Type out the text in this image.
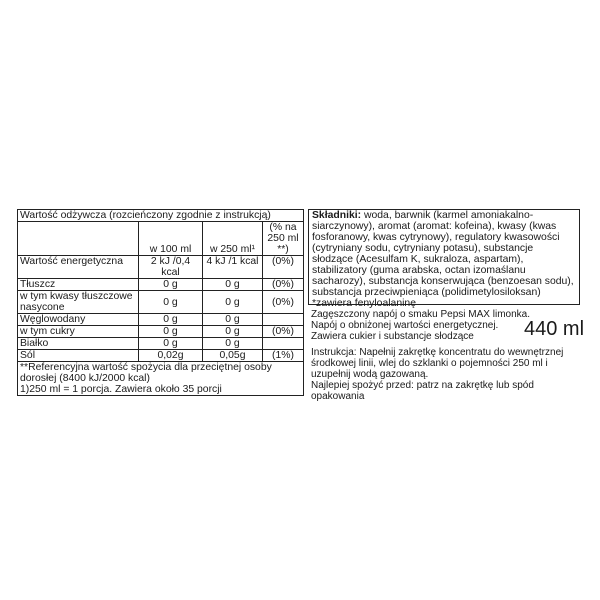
Wartość odżywcza (rozcieńczony zgodnie z instrukcją)			
	w 100 ml	w 250 ml¹	(% na 250 ml **)
Wartość energetyczna	2 kJ /0,4 kcal	4 kJ /1 kcal	(0%)
Tłuszcz	0 g	0 g	(0%)
w tym kwasy tłuszczowe nasycone	0 g	0 g	(0%)
Węglowodany	0 g	0 g	
w tym cukry	0 g	0 g	(0%)
Białko	0 g	0 g	
Sól	0,02g	0,05g	(1%)

**Referencyjna wartość spożycia dla przeciętnej osoby dorosłej (8400 kJ/2000 kcal)
1)250 ml = 1 porcja. Zawiera około 35 porcji			
Składniki: woda, barwnik (karmel amoniakalno-siarczynowy), aromat (aromat: kofeina), kwasy (kwas fosforanowy, kwas cytrynowy), regulatory kwasowości (cytryniany sodu, cytryniany potasu), substancje słodzące (Acesulfam K, sukraloza, aspartam), stabilizatory (guma arabska, octan izomaślanu sacharozy), substancja konserwująca (benzoesan sodu), substancja przeciwpieniąca (polidimetylosiloksan)
*zawiera fenyloalaninę
Zagęszczony napój o smaku Pepsi MAX limonka.
Napój o obniżonej wartości energetycznej.
Zawiera cukier i substancje słodzące	440 ml
Instrukcja: Napełnij zakrętkę koncentratu do wewnętrznej środkowej linii, wlej do szklanki o pojemności 250 ml i uzupełnij wodą gazowaną.
Najlepiej spożyć przed: patrz na zakrętkę lub spód opakowania
